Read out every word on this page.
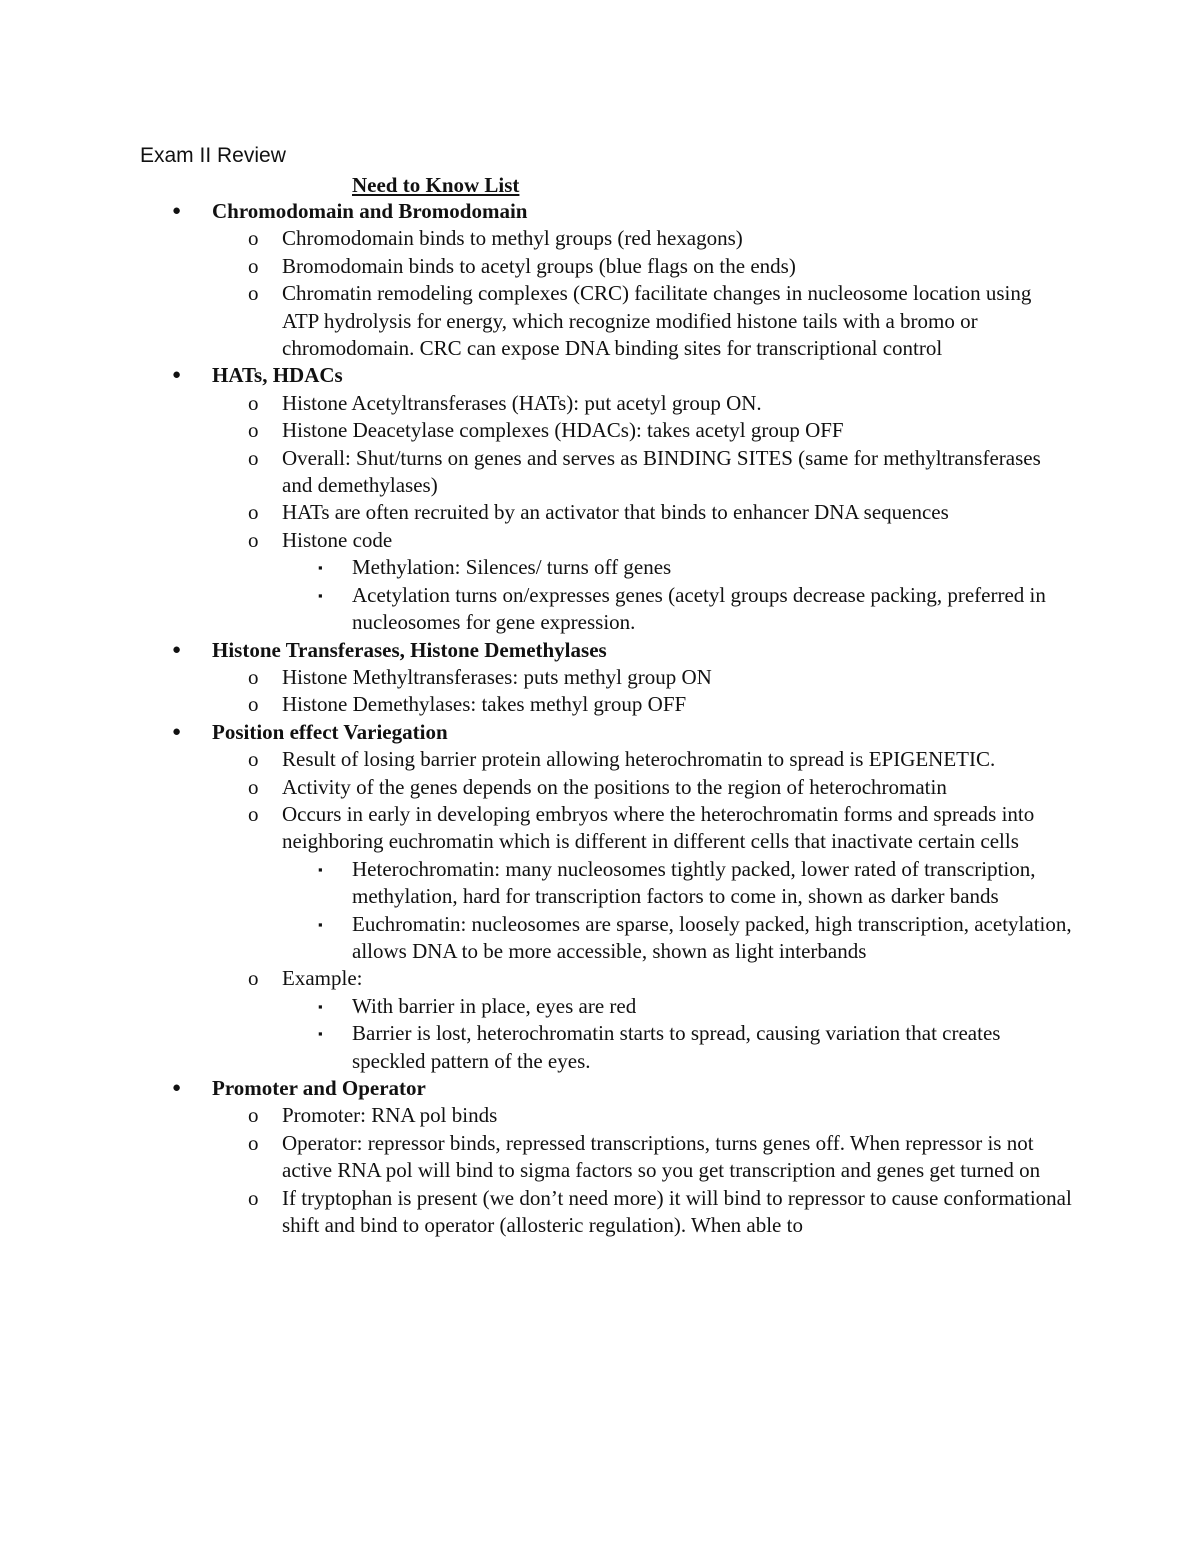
Exam II Review
Need to Know List
● Chromodomain and Bromodomain
o Chromodomain binds to methyl groups (red hexagons)
o Bromodomain binds to acetyl groups (blue flags on the ends)
o Chromatin remodeling complexes (CRC) facilitate changes in nucleosome location using ATP hydrolysis for energy, which recognize modified histone tails with a bromo or chromodomain. CRC can expose DNA binding sites for transcriptional control
● HATs, HDACs
o Histone Acetyltransferases (HATs): put acetyl group ON.
o Histone Deacetylase complexes (HDACs): takes acetyl group OFF
o Overall: Shut/turns on genes and serves as BINDING SITES (same for methyltransferases and demethylases)
o HATs are often recruited by an activator that binds to enhancer DNA sequences
o Histone code
▪ Methylation: Silences/ turns off genes
▪ Acetylation turns on/expresses genes (acetyl groups decrease packing, preferred in nucleosomes for gene expression.
● Histone Transferases, Histone Demethylases
o Histone Methyltransferases: puts methyl group ON
o Histone Demethylases: takes methyl group OFF
● Position effect Variegation
o Result of losing barrier protein allowing heterochromatin to spread is EPIGENETIC.
o Activity of the genes depends on the positions to the region of heterochromatin
o Occurs in early in developing embryos where the heterochromatin forms and spreads into neighboring euchromatin which is different in different cells that inactivate certain cells
▪ Heterochromatin: many nucleosomes tightly packed, lower rated of transcription, methylation, hard for transcription factors to come in, shown as darker bands
▪ Euchromatin: nucleosomes are sparse, loosely packed, high transcription, acetylation, allows DNA to be more accessible, shown as light interbands
o Example:
▪ With barrier in place, eyes are red
▪ Barrier is lost, heterochromatin starts to spread, causing variation that creates speckled pattern of the eyes.
● Promoter and Operator
o Promoter: RNA pol binds
o Operator: repressor binds, repressed transcriptions, turns genes off. When repressor is not active RNA pol will bind to sigma factors so you get transcription and genes get turned on
o If tryptophan is present (we don’t need more) it will bind to repressor to cause conformational shift and bind to operator (allosteric regulation). When able to
